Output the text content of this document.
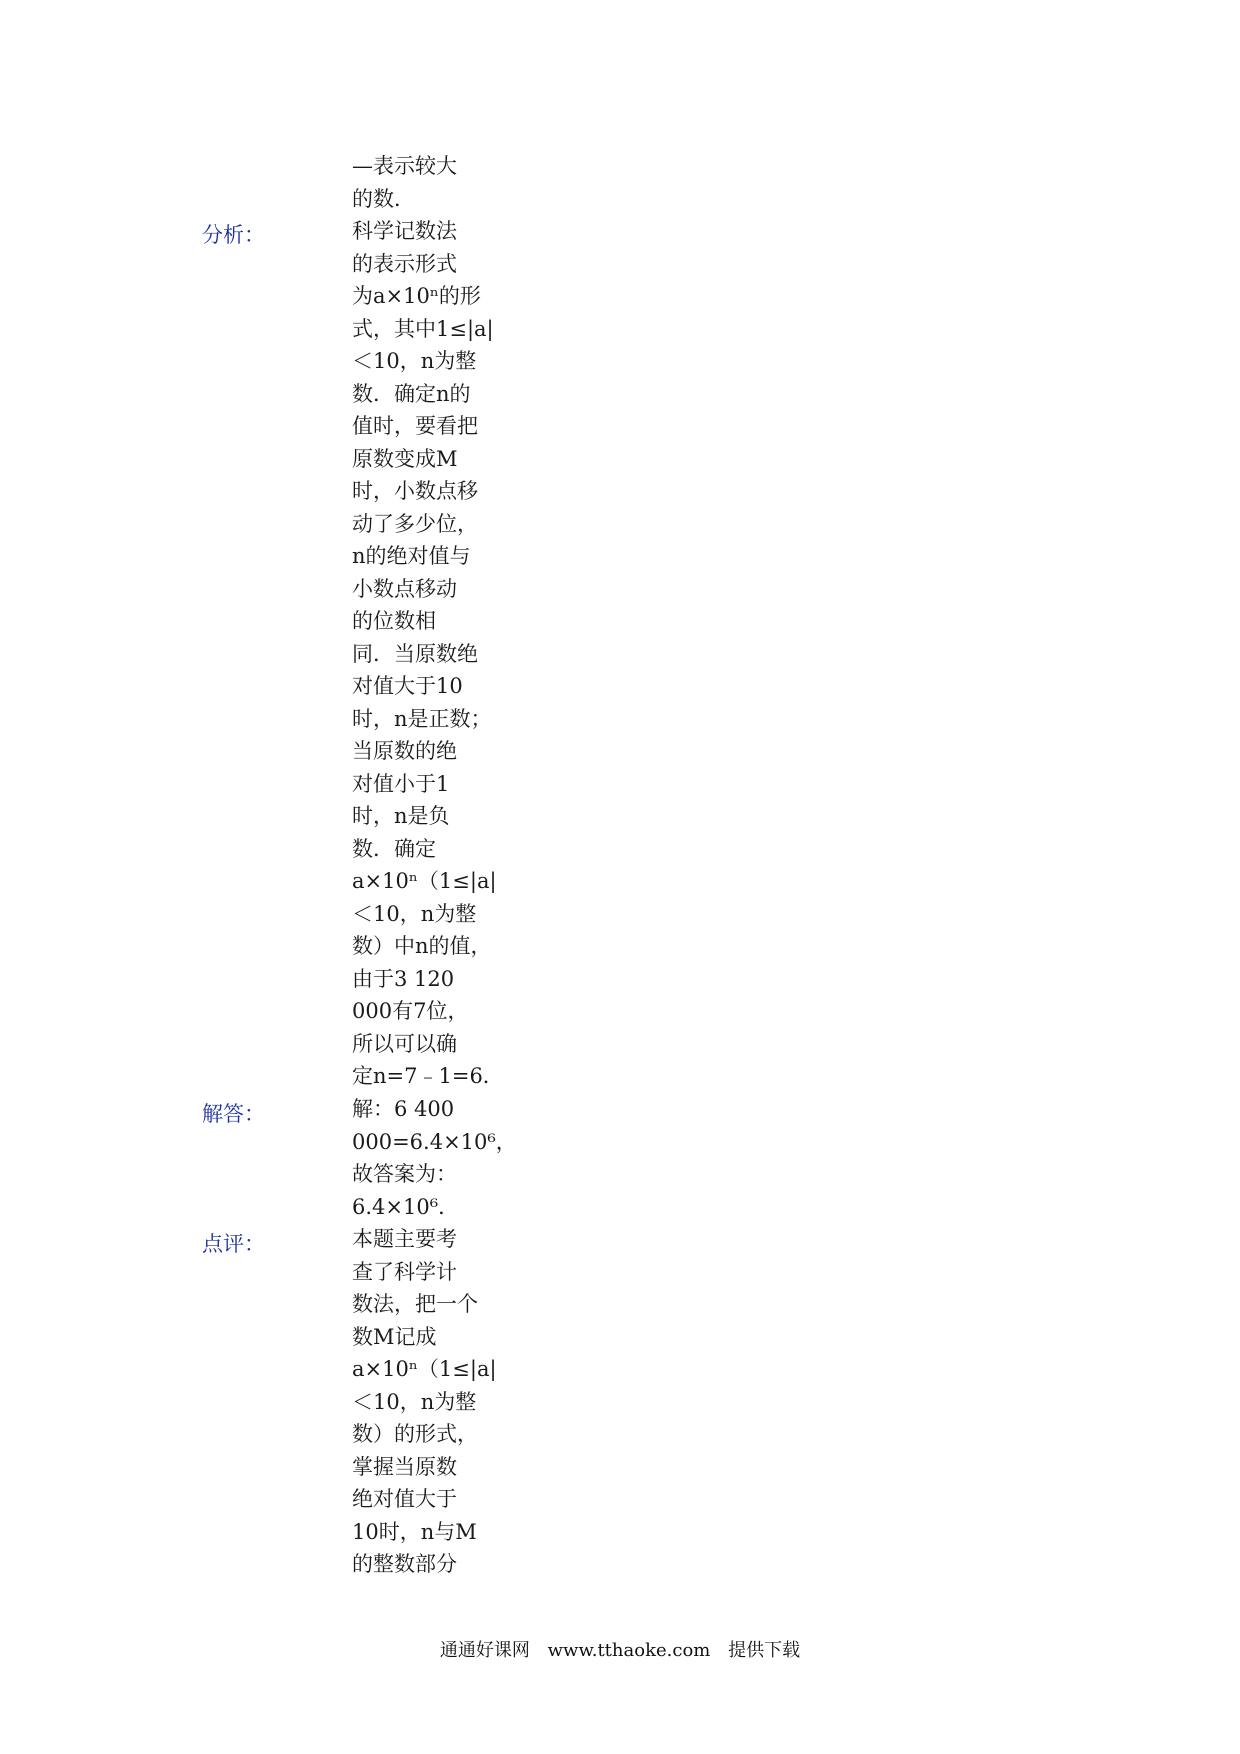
—表示较大
的数．
分析：	科学记数法
的表示形式
为a×10ⁿ的形
式，其中1≤|a|
＜10，n为整
数．确定n的
值时，要看把
原数变成M
时，小数点移
动了多少位，
n的绝对值与
小数点移动
的位数相
同．当原数绝
对值大于10
时，n是正数；
当原数的绝
对值小于1
时，n是负
数．确定
a×10ⁿ（1≤|a|
＜10，n为整
数）中n的值，
由于3 120
000有7位，
所以可以确
定n=7﹣1=6．
解答：	解：6 400
000=6.4×10⁶，
故答案为：
6.4×10⁶．
点评：	本题主要考
查了科学计
数法，把一个
数M记成
a×10ⁿ（1≤|a|
＜10，n为整
数）的形式，
掌握当原数
绝对值大于
10时，n与M
的整数部分
通通好课网 www.tthaoke.com 提供下载
